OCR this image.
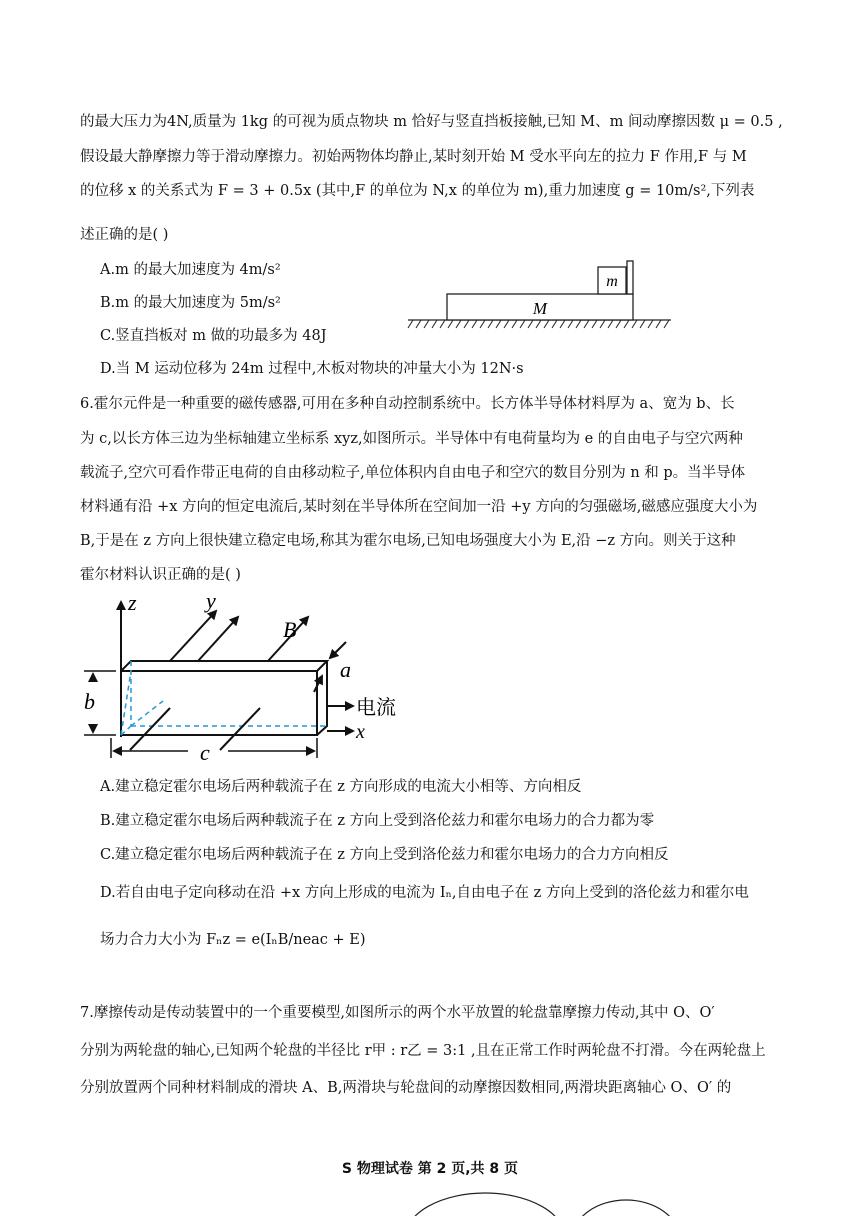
的最大压力为4N,质量为 1kg 的可视为质点物块 m 恰好与竖直挡板接触,已知 M、m 间动摩擦因数 μ = 0.5 ,
假设最大静摩擦力等于滑动摩擦力。初始两物体均静止,某时刻开始 M 受水平向左的拉力 F 作用,F 与 M
的位移 x 的关系式为 F = 3 + 0.5x (其中,F 的单位为 N,x 的单位为 m),重力加速度 g = 10m/s²,下列表
述正确的是( )
A.m 的最大加速度为 4m/s²
B.m 的最大加速度为 5m/s²
C.竖直挡板对 m 做的功最多为 48J
D.当 M 运动位移为 24m 过程中,木板对物块的冲量大小为 12N·s
M
m
6.霍尔元件是一种重要的磁传感器,可用在多种自动控制系统中。长方体半导体材料厚为 a、宽为 b、长
为 c,以长方体三边为坐标轴建立坐标系 xyz,如图所示。半导体中有电荷量均为 e 的自由电子与空穴两种
载流子,空穴可看作带正电荷的自由移动粒子,单位体积内自由电子和空穴的数目分别为 n 和 p。当半导体
材料通有沿 +x 方向的恒定电流后,某时刻在半导体所在空间加一沿 +y 方向的匀强磁场,磁感应强度大小为
B,于是在 z 方向上很快建立稳定电场,称其为霍尔电场,已知电场强度大小为 E,沿 −z 方向。则关于这种
霍尔材料认识正确的是( )
z	y
B
a
b
c
电流
x
A.建立稳定霍尔电场后两种载流子在 z 方向形成的电流大小相等、方向相反
B.建立稳定霍尔电场后两种载流子在 z 方向上受到洛伦兹力和霍尔电场力的合力都为零
C.建立稳定霍尔电场后两种载流子在 z 方向上受到洛伦兹力和霍尔电场力的合力方向相反
D.若自由电子定向移动在沿 +x 方向上形成的电流为 Iₙ,自由电子在 z 方向上受到的洛伦兹力和霍尔电
场力合力大小为 Fₙz = e(IₙB/neac + E)
7.摩擦传动是传动装置中的一个重要模型,如图所示的两个水平放置的轮盘靠摩擦力传动,其中 O、O′
分别为两轮盘的轴心,已知两个轮盘的半径比 r甲 : r乙 = 3:1 ,且在正常工作时两轮盘不打滑。今在两轮盘上
分别放置两个同种材料制成的滑块 A、B,两滑块与轮盘间的动摩擦因数相同,两滑块距离轴心 O、O′ 的
S 物理试卷 第 2 页,共 8 页
